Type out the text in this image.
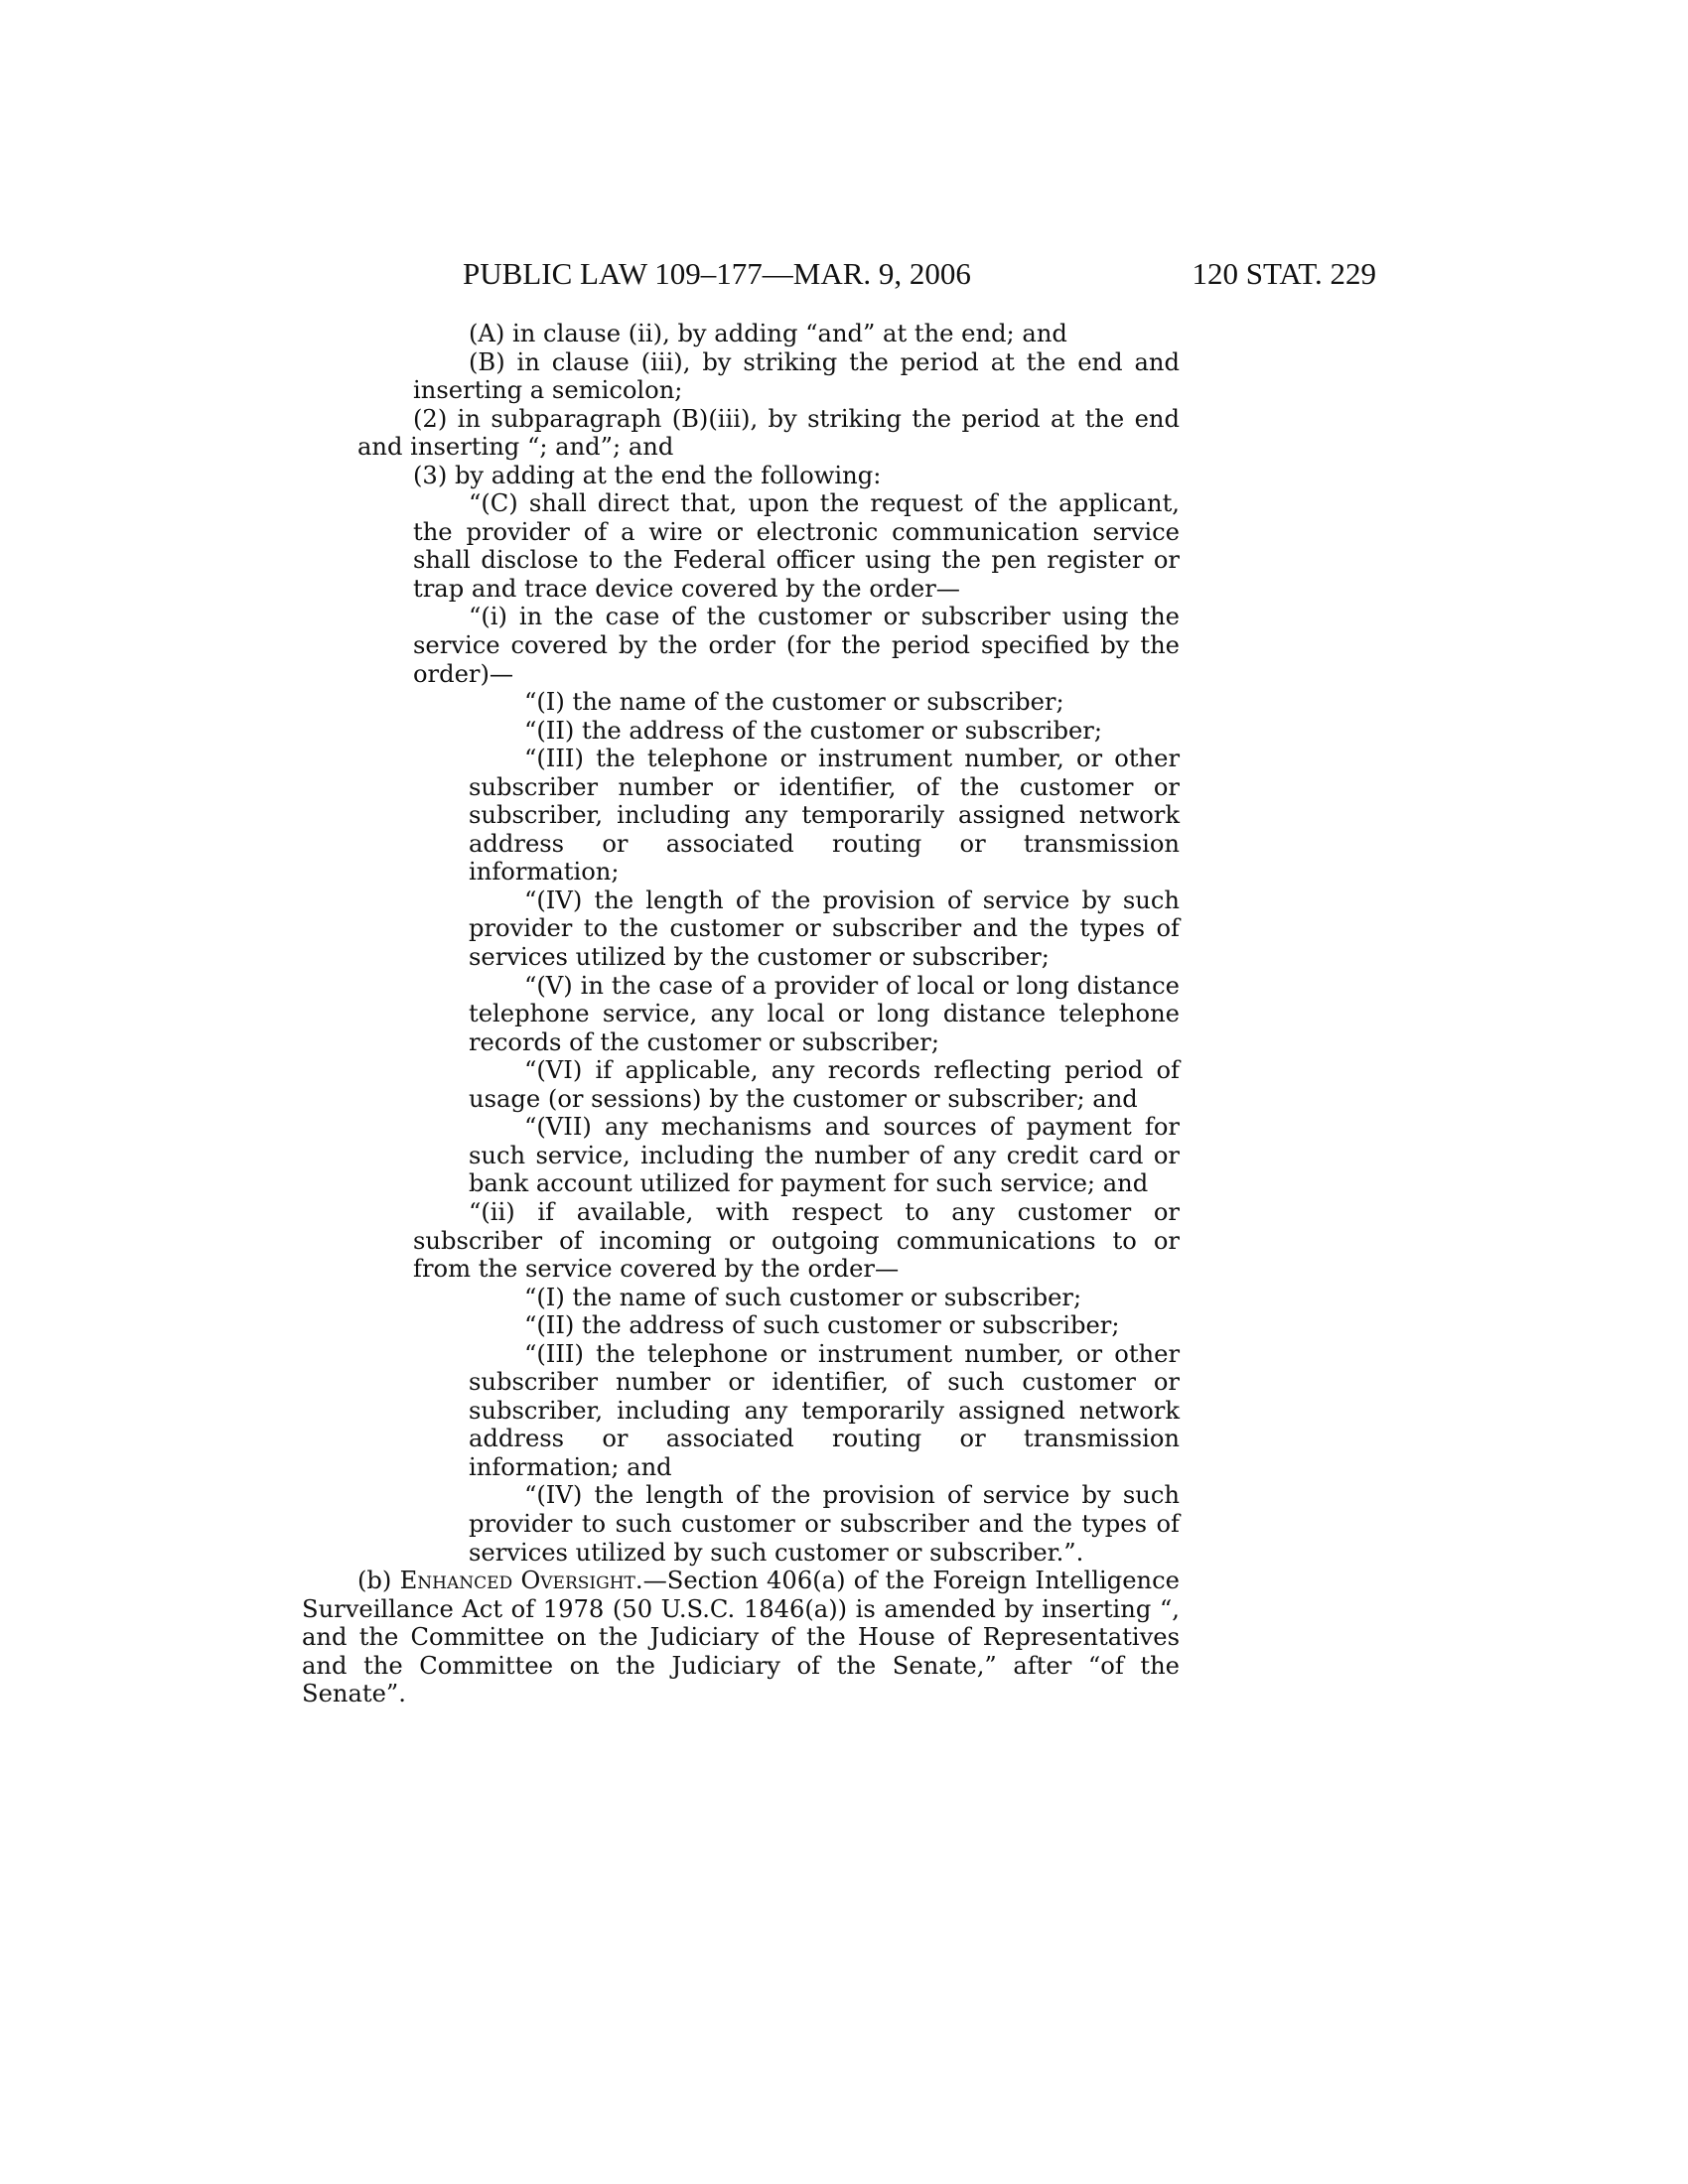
PUBLIC LAW 109–177—MAR. 9, 2006	120 STAT. 229

(A) in clause (ii), by adding “and” at the end; and

(B) in clause (iii), by striking the period at the end and inserting a semicolon;

(2) in subparagraph (B)(iii), by striking the period at the end and inserting “; and”; and

(3) by adding at the end the following:

“(C) shall direct that, upon the request of the applicant, the provider of a wire or electronic communication service shall disclose to the Federal officer using the pen register or trap and trace device covered by the order—

“(i) in the case of the customer or subscriber using the service covered by the order (for the period specified by the order)—

“(I) the name of the customer or subscriber;

“(II) the address of the customer or subscriber;

“(III) the telephone or instrument number, or other subscriber number or identifier, of the customer or subscriber, including any temporarily assigned network address or associated routing or transmission information;

“(IV) the length of the provision of service by such provider to the customer or subscriber and the types of services utilized by the customer or subscriber;

“(V) in the case of a provider of local or long distance telephone service, any local or long distance telephone records of the customer or subscriber;

“(VI) if applicable, any records reflecting period of usage (or sessions) by the customer or subscriber; and

“(VII) any mechanisms and sources of payment for such service, including the number of any credit card or bank account utilized for payment for such service; and

“(ii) if available, with respect to any customer or subscriber of incoming or outgoing communications to or from the service covered by the order—

“(I) the name of such customer or subscriber;

“(II) the address of such customer or subscriber;

“(III) the telephone or instrument number, or other subscriber number or identifier, of such customer or subscriber, including any temporarily assigned network address or associated routing or transmission information; and

“(IV) the length of the provision of service by such provider to such customer or subscriber and the types of services utilized by such customer or subscriber.”.

(b) Enhanced Oversight.—Section 406(a) of the Foreign Intelligence Surveillance Act of 1978 (50 U.S.C. 1846(a)) is amended by inserting “, and the Committee on the Judiciary of the House of Representatives and the Committee on the Judiciary of the Senate,” after “of the Senate”.
